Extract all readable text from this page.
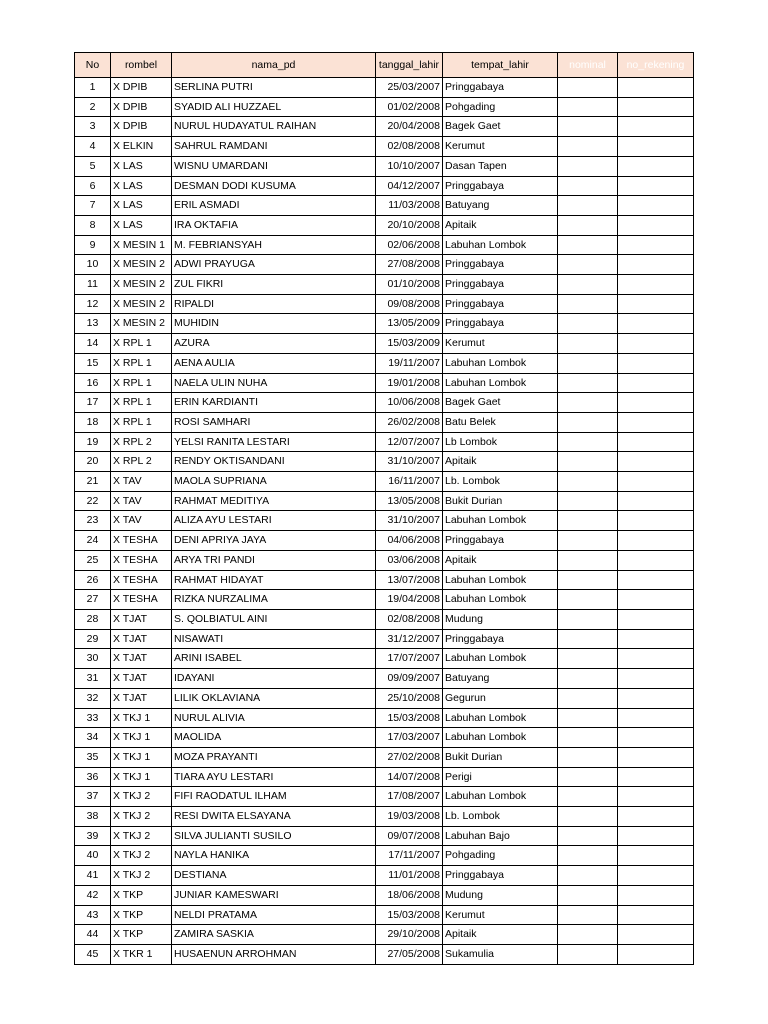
No	rombel	nama_pd	tanggal_lahir	tempat_lahir	nominal	no_rekening
1	X DPIB	SERLINA PUTRI	25/03/2007	Pringgabaya		
2	X DPIB	SYADID ALI HUZZAEL	01/02/2008	Pohgading		
3	X DPIB	NURUL HUDAYATUL RAIHAN	20/04/2008	Bagek Gaet		
4	X ELKIN	SAHRUL RAMDANI	02/08/2008	Kerumut		
5	X LAS	WISNU UMARDANI	10/10/2007	Dasan Tapen		
6	X LAS	DESMAN DODI KUSUMA	04/12/2007	Pringgabaya		
7	X LAS	ERIL ASMADI	11/03/2008	Batuyang		
8	X LAS	IRA OKTAFIA	20/10/2008	Apitaik		
9	X MESIN 1	M. FEBRIANSYAH	02/06/2008	Labuhan Lombok		
10	X MESIN 2	ADWI PRAYUGA	27/08/2008	Pringgabaya		
11	X MESIN 2	ZUL FIKRI	01/10/2008	Pringgabaya		
12	X MESIN 2	RIPALDI	09/08/2008	Pringgabaya		
13	X MESIN 2	MUHIDIN	13/05/2009	Pringgabaya		
14	X RPL 1	AZURA	15/03/2009	Kerumut		
15	X RPL 1	AENA AULIA	19/11/2007	Labuhan Lombok		
16	X RPL 1	NAELA ULIN NUHA	19/01/2008	Labuhan Lombok		
17	X RPL 1	ERIN KARDIANTI	10/06/2008	Bagek Gaet		
18	X RPL 1	ROSI SAMHARI	26/02/2008	Batu Belek		
19	X RPL 2	YELSI RANITA LESTARI	12/07/2007	Lb Lombok		
20	X RPL 2	RENDY OKTISANDANI	31/10/2007	Apitaik		
21	X TAV	MAOLA SUPRIANA	16/11/2007	Lb. Lombok		
22	X TAV	RAHMAT MEDITIYA	13/05/2008	Bukit Durian		
23	X TAV	ALIZA AYU LESTARI	31/10/2007	Labuhan Lombok		
24	X TESHA	DENI APRIYA JAYA	04/06/2008	Pringgabaya		
25	X TESHA	ARYA TRI PANDI	03/06/2008	Apitaik		
26	X TESHA	RAHMAT HIDAYAT	13/07/2008	Labuhan Lombok		
27	X TESHA	RIZKA NURZALIMA	19/04/2008	Labuhan Lombok		
28	X TJAT	S. QOLBIATUL AINI	02/08/2008	Mudung		
29	X TJAT	NISAWATI	31/12/2007	Pringgabaya		
30	X TJAT	ARINI ISABEL	17/07/2007	Labuhan Lombok		
31	X TJAT	IDAYANI	09/09/2007	Batuyang		
32	X TJAT	LILIK OKLAVIANA	25/10/2008	Gegurun		
33	X TKJ 1	NURUL ALIVIA	15/03/2008	Labuhan Lombok		
34	X TKJ 1	MAOLIDA	17/03/2007	Labuhan Lombok		
35	X TKJ 1	MOZA PRAYANTI	27/02/2008	Bukit Durian		
36	X TKJ 1	TIARA AYU LESTARI	14/07/2008	Perigi		
37	X TKJ 2	FIFI RAODATUL ILHAM	17/08/2007	Labuhan Lombok		
38	X TKJ 2	RESI DWITA ELSAYANA	19/03/2008	Lb. Lombok		
39	X TKJ 2	SILVA JULIANTI SUSILO	09/07/2008	Labuhan Bajo		
40	X TKJ 2	NAYLA HANIKA	17/11/2007	Pohgading		
41	X TKJ 2	DESTIANA	11/01/2008	Pringgabaya		
42	X TKP	JUNIAR KAMESWARI	18/06/2008	Mudung		
43	X TKP	NELDI PRATAMA	15/03/2008	Kerumut		
44	X TKP	ZAMIRA SASKIA	29/10/2008	Apitaik		
45	X TKR 1	HUSAENUN ARROHMAN	27/05/2008	Sukamulia		
